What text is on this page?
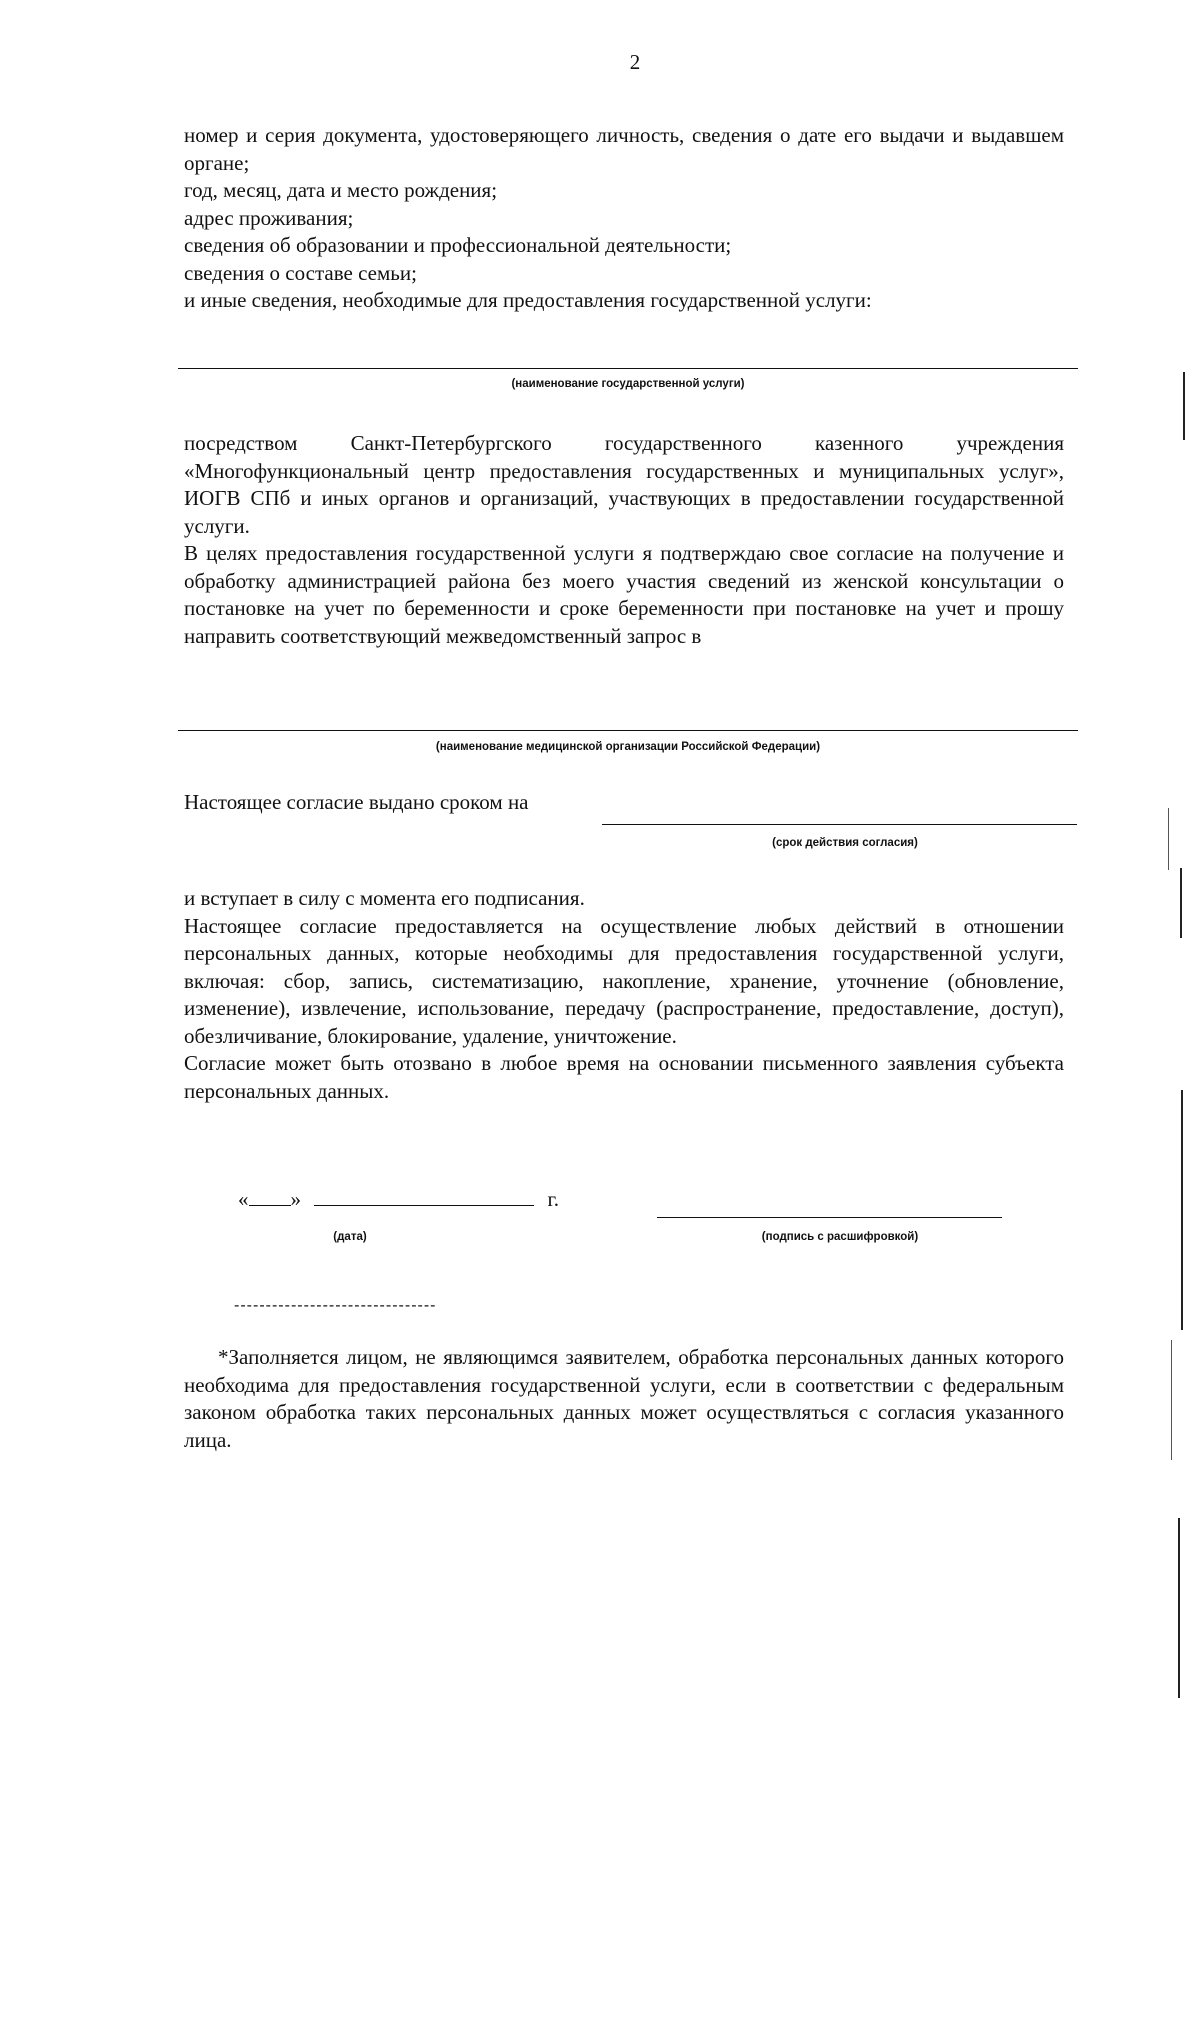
2

номер и серия документа, удостоверяющего личность, сведения о дате его выдачи и выдавшем органе;

год, месяц, дата и место рождения;

адрес проживания;

сведения об образовании и профессиональной деятельности;

сведения о составе семьи;

и иные сведения, необходимые для предоставления государственной услуги:

(наименование государственной услуги)

посредством Санкт-Петербургского государственного казенного учреждения «Многофункциональный центр предоставления государственных и муниципальных услуг», ИОГВ СПб и иных органов и организаций, участвующих в предоставлении государственной услуги.

В целях предоставления государственной услуги я подтверждаю свое согласие на получение и обработку администрацией района без моего участия сведений из женской консультации о постановке на учет по беременности и сроке беременности при постановке на учет и прошу направить соответствующий межведомственный запрос в

(наименование медицинской организации Российской Федерации)
Настоящее согласие выдано сроком на
(срок действия согласия)

и вступает в силу с момента его подписания.

Настоящее согласие предоставляется на осуществление любых действий в отношении персональных данных, которые необходимы для предоставления государственной услуги, включая: сбор, запись, систематизацию, накопление, хранение, уточнение (обновление, изменение), извлечение, использование, передачу (распространение, предоставление, доступ), обезличивание, блокирование, удаление, уничтожение.

Согласие может быть отозвано в любое время на основании письменного заявления субъекта персональных данных.

« »	г.
(дата)	(подпись с расшифровкой)
--------------------------------

*Заполняется лицом, не являющимся заявителем, обработка персональных данных которого необходима для предоставления государственной услуги, если в соответствии с федеральным законом обработка таких персональных данных может осуществляться с согласия указанного лица.
